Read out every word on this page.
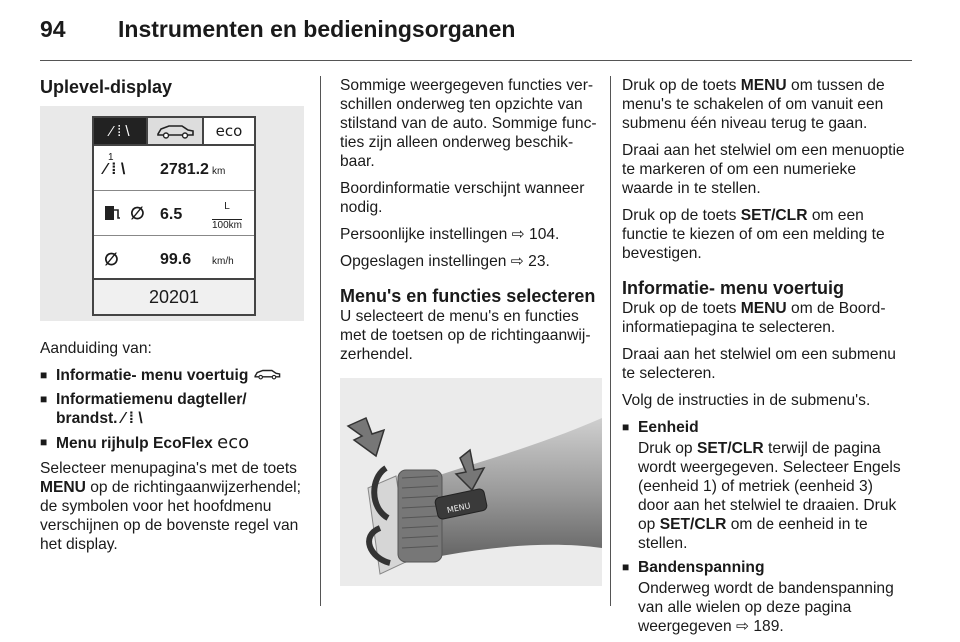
94 Instrumenten en bedieningsorganen
Uplevel-display
⁄ ⁞ \	eco
1
⁄ ⁞ \ 2781.2 km
∅ 6.5	$\frac{L}{100km}$
∅	99.6 km/h
20201

Aanduiding van:

■ Informatie- menu voertuig
■ Informatiemenu dagteller/ brandst. ⁄ ⁞ \
■ Menu rijhulp EcoFlex eco

Selecteer menupagina's met de toets MENU op de richtingaanwijzerhendel; de symbolen voor het hoofdmenu verschijnen op de bovenste regel van het display.

Sommige weergegeven functies verschillen onderweg ten opzichte van stilstand van de auto. Sommige functies zijn alleen onderweg beschikbaar.

Boordinformatie verschijnt wanneer nodig.

Persoonlijke instellingen ⇨ 104.

Opgeslagen instellingen ⇨ 23.

Menu's en functies selecteren

U selecteert de menu's en functies met de toetsen op de richtingaanwijzerhendel.

MENU

Druk op de toets MENU om tussen de menu's te schakelen of om vanuit een submenu één niveau terug te gaan.

Draai aan het stelwiel om een menuoptie te markeren of om een numerieke waarde in te stellen.

Druk op de toets SET/CLR om een functie te kiezen of om een melding te bevestigen.

Informatie- menu voertuig

Druk op de toets MENU om de Boordinformatiepagina te selecteren.

Draai aan het stelwiel om een submenu te selecteren.

Volg de instructies in de submenu's.

■ Eenheid
Druk op SET/CLR terwijl de pagina wordt weergegeven. Selecteer Engels (eenheid 1) of metriek (eenheid 3) door aan het stelwiel te draaien. Druk op SET/CLR om de eenheid in te stellen.
■ Bandenspanning
Onderweg wordt de bandenspanning van alle wielen op deze pagina weergegeven ⇨ 189.
